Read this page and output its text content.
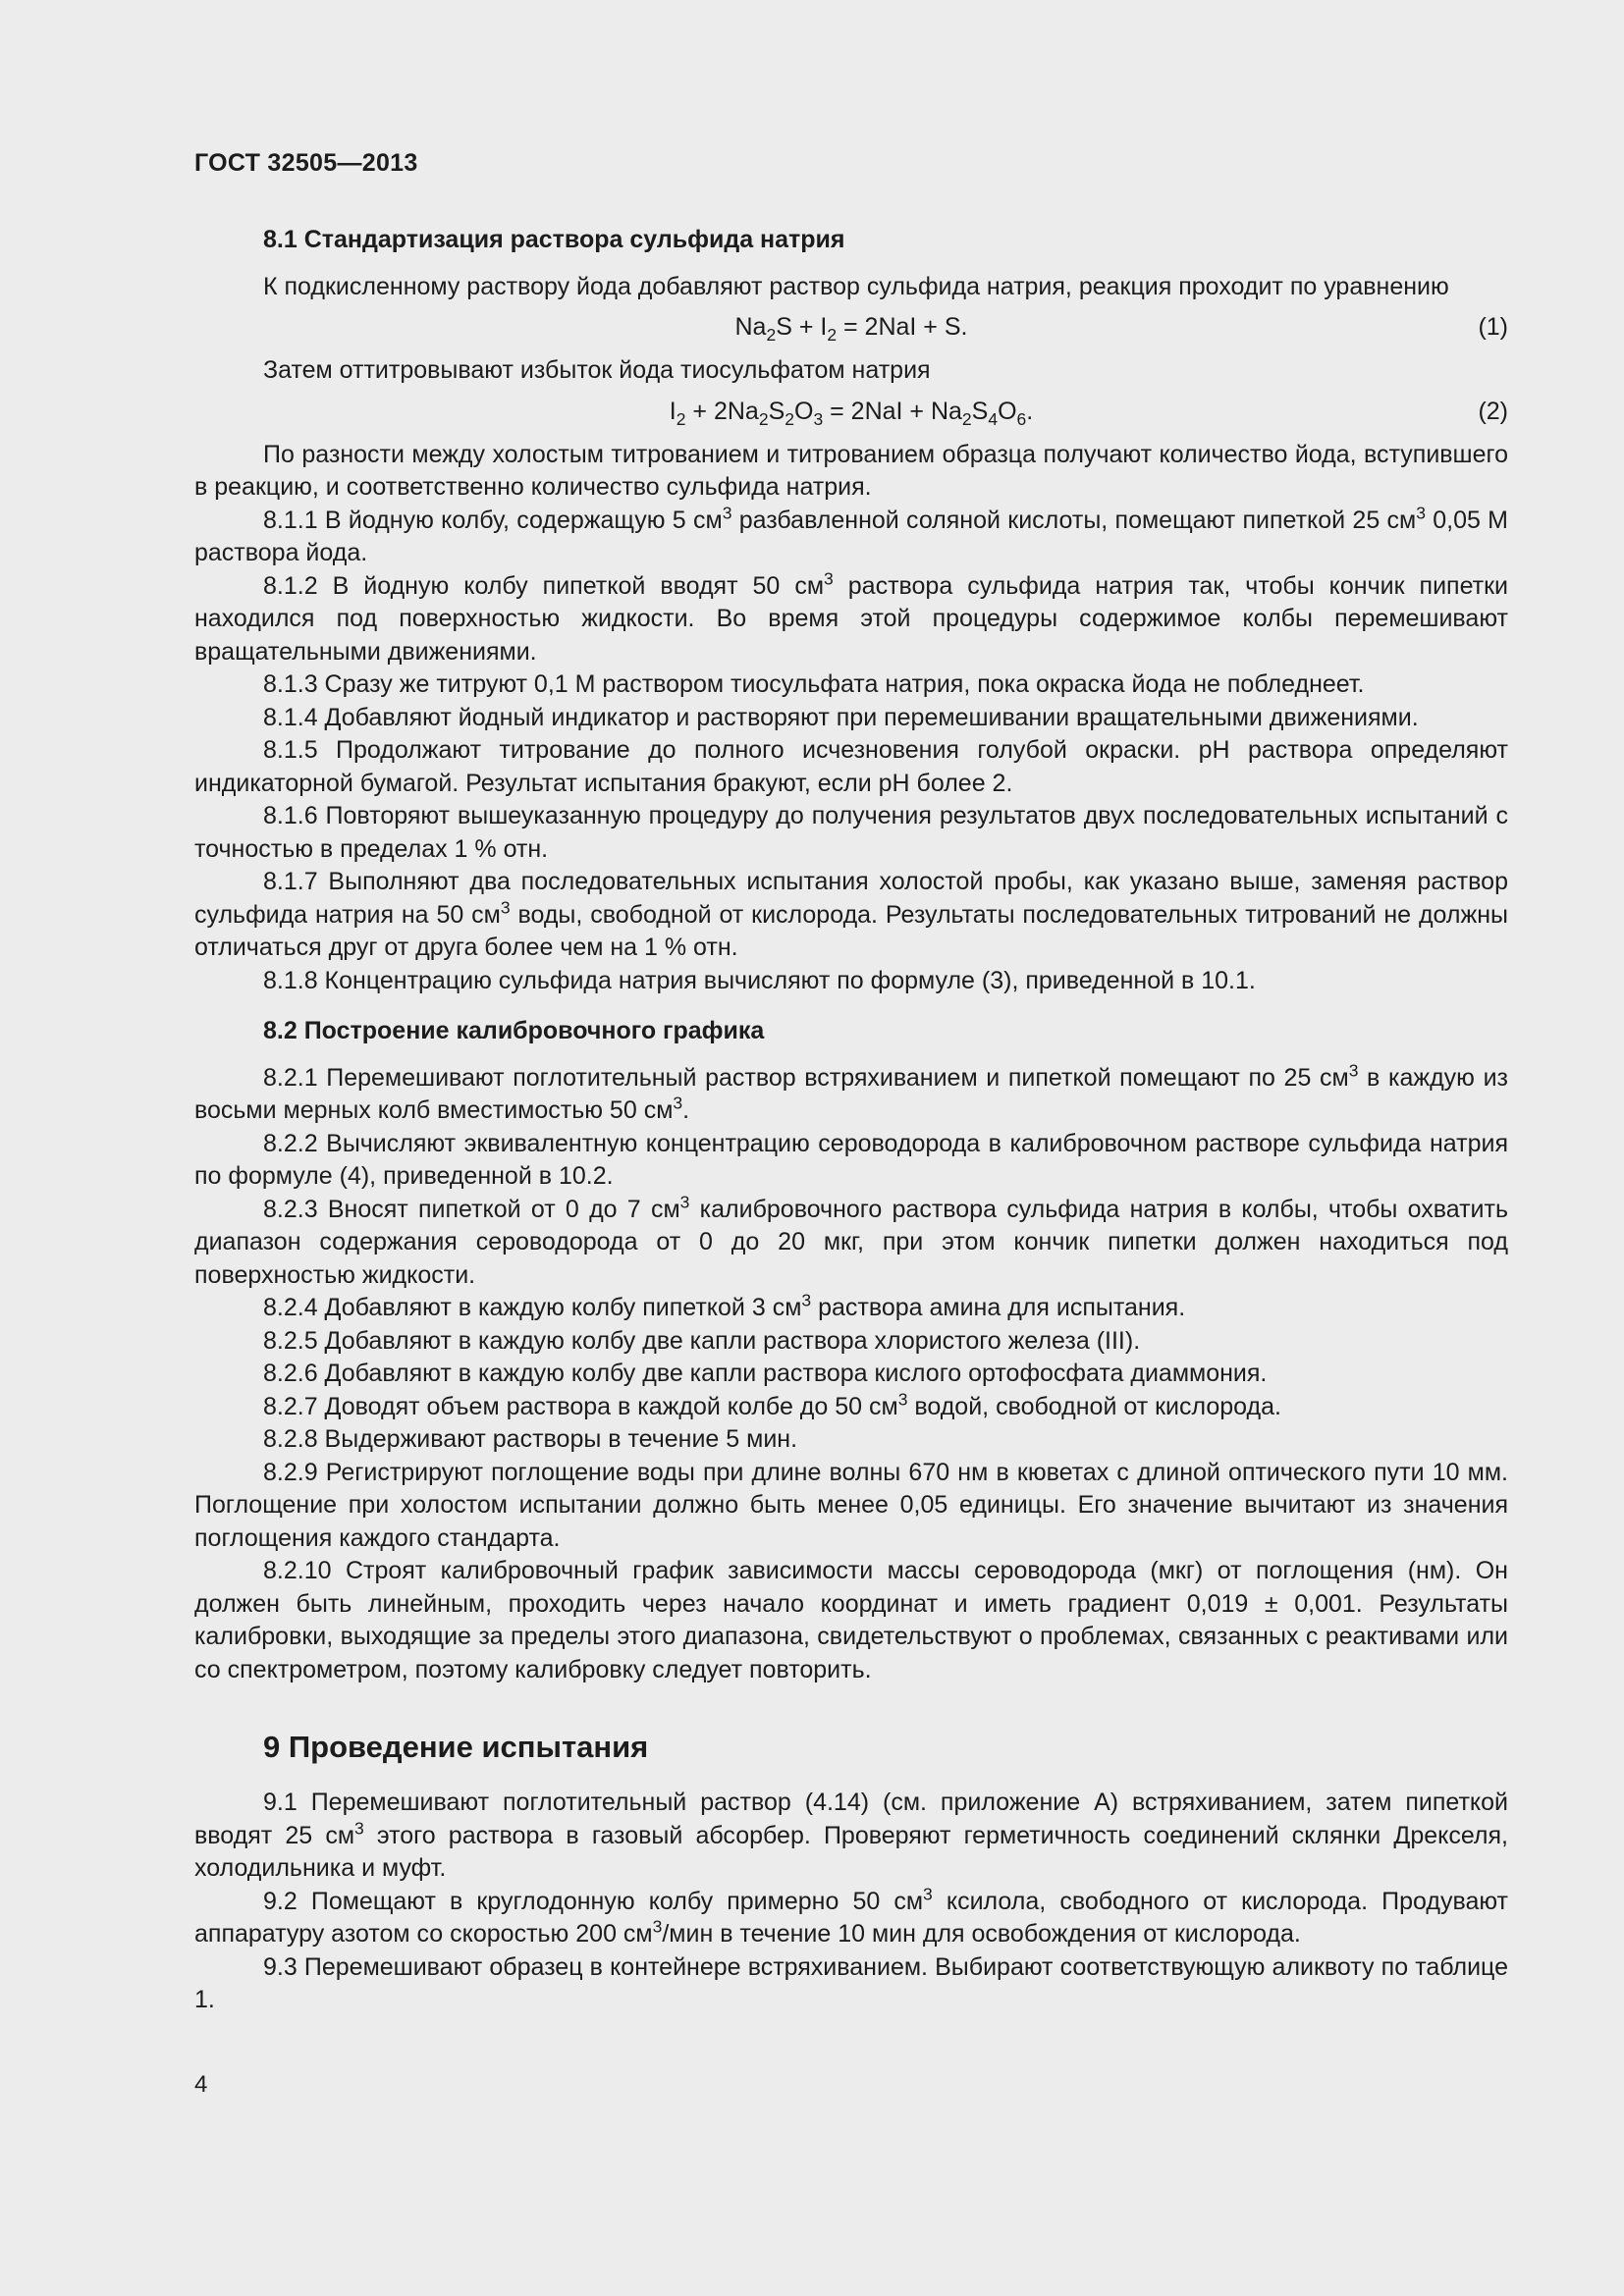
ГОСТ 32505—2013
8.1 Стандартизация раствора сульфида натрия

К подкисленному раствору йода добавляют раствор сульфида натрия, реакция проходит по уравнению

$Na_2S + I_2 = 2NaI + S$.	(1)

Затем оттитровывают избыток йода тиосульфатом натрия

$I_2 + 2Na_2S_2O_3 = 2NaI + Na_2S_4O_6$.	(2)

По разности между холостым титрованием и титрованием образца получают количество йода, вступившего в реакцию, и соответственно количество сульфида натрия.

8.1.1 В йодную колбу, содержащую 5 $см^3$ разбавленной соляной кислоты, помещают пипеткой 25 $см^3$ 0,05 М раствора йода.

8.1.2 В йодную колбу пипеткой вводят 50 $см^3$ раствора сульфида натрия так, чтобы кончик пипетки находился под поверхностью жидкости. Во время этой процедуры содержимое колбы перемешивают вращательными движениями.

8.1.3 Сразу же титруют 0,1 М раствором тиосульфата натрия, пока окраска йода не побледнеет.

8.1.4 Добавляют йодный индикатор и растворяют при перемешивании вращательными движениями.

8.1.5 Продолжают титрование до полного исчезновения голубой окраски. pH раствора определяют индикаторной бумагой. Результат испытания бракуют, если pH более 2.

8.1.6 Повторяют вышеуказанную процедуру до получения результатов двух последовательных испытаний с точностью в пределах 1 % отн.

8.1.7 Выполняют два последовательных испытания холостой пробы, как указано выше, заменяя раствор сульфида натрия на 50 $см^3$ воды, свободной от кислорода. Результаты последовательных титрований не должны отличаться друг от друга более чем на 1 % отн.

8.1.8 Концентрацию сульфида натрия вычисляют по формуле (3), приведенной в 10.1.

8.2 Построение калибровочного графика

8.2.1 Перемешивают поглотительный раствор встряхиванием и пипеткой помещают по 25 $см^3$ в каждую из восьми мерных колб вместимостью 50 $см^3$.

8.2.2 Вычисляют эквивалентную концентрацию сероводорода в калибровочном растворе сульфида натрия по формуле (4), приведенной в 10.2.

8.2.3 Вносят пипеткой от 0 до 7 $см^3$ калибровочного раствора сульфида натрия в колбы, чтобы охватить диапазон содержания сероводорода от 0 до 20 мкг, при этом кончик пипетки должен находиться под поверхностью жидкости.

8.2.4 Добавляют в каждую колбу пипеткой 3 $см^3$ раствора амина для испытания.

8.2.5 Добавляют в каждую колбу две капли раствора хлористого железа (III).

8.2.6 Добавляют в каждую колбу две капли раствора кислого ортофосфата диаммония.

8.2.7 Доводят объем раствора в каждой колбе до 50 $см^3$ водой, свободной от кислорода.

8.2.8 Выдерживают растворы в течение 5 мин.

8.2.9 Регистрируют поглощение воды при длине волны 670 нм в кюветах с длиной оптического пути 10 мм. Поглощение при холостом испытании должно быть менее 0,05 единицы. Его значение вычитают из значения поглощения каждого стандарта.

8.2.10 Строят калибровочный график зависимости массы сероводорода (мкг) от поглощения (нм). Он должен быть линейным, проходить через начало координат и иметь градиент 0,019 ± 0,001. Результаты калибровки, выходящие за пределы этого диапазона, свидетельствуют о проблемах, связанных с реактивами или со спектрометром, поэтому калибровку следует повторить.

9 Проведение испытания

9.1 Перемешивают поглотительный раствор (4.14) (см. приложение А) встряхиванием, затем пипеткой вводят 25 $см^3$ этого раствора в газовый абсорбер. Проверяют герметичность соединений склянки Дрекселя, холодильника и муфт.

9.2 Помещают в круглодонную колбу примерно 50 $см^3$ ксилола, свободного от кислорода. Продувают аппаратуру азотом со скоростью 200 $см^3$/мин в течение 10 мин для освобождения от кислорода.

9.3 Перемешивают образец в контейнере встряхиванием. Выбирают соответствующую аликвоту по таблице 1.

4
